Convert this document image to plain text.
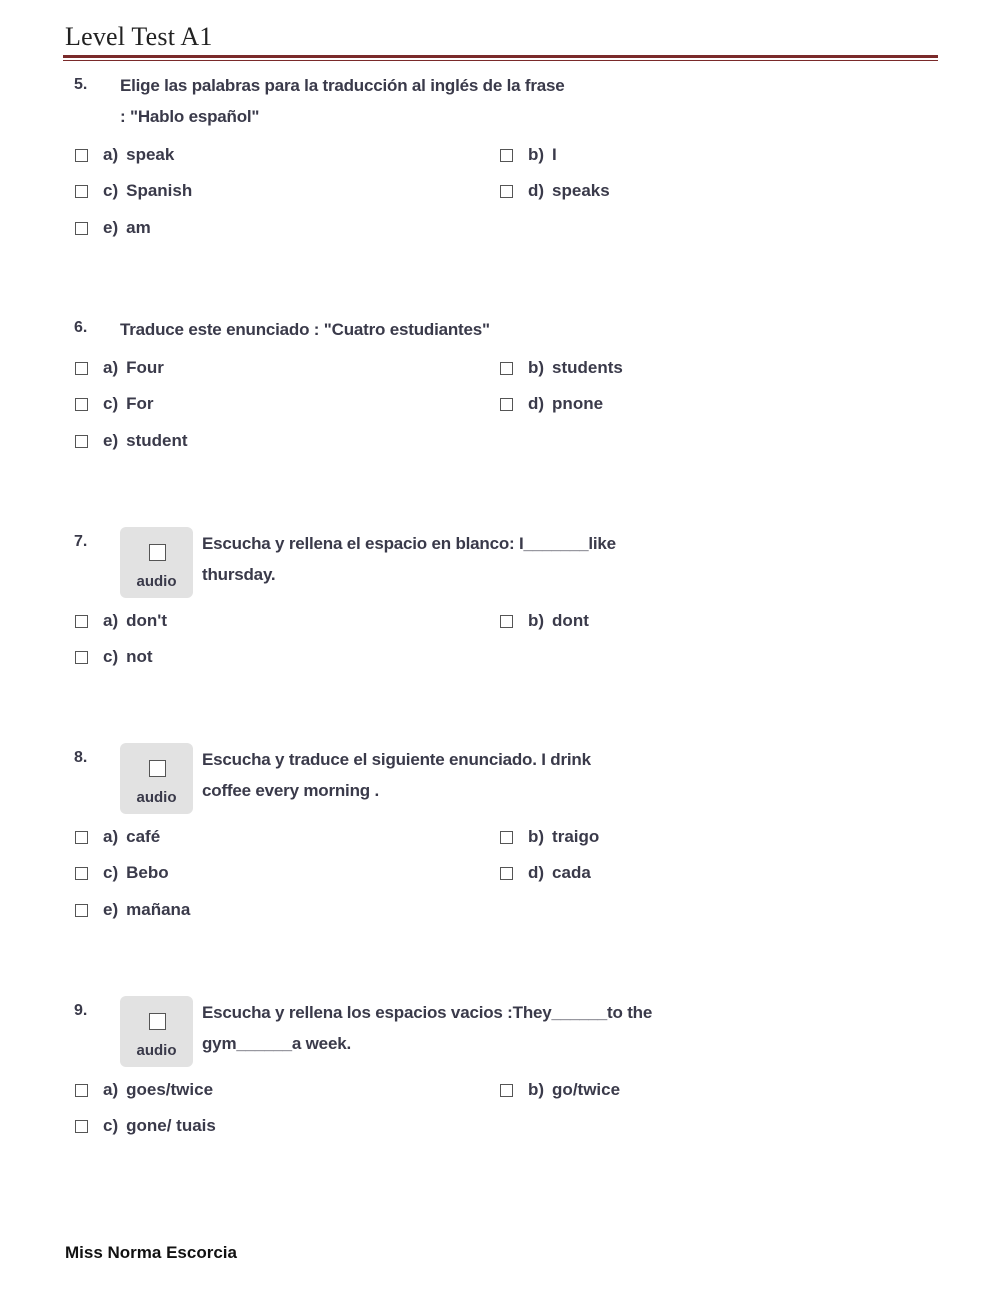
Level Test A1
5. Elige las palabras para la traducción al inglés de la frase
: "Hablo español"
a) speak	b) I
c) Spanish	d) speaks
e) am
6. Traduce este enunciado : "Cuatro estudiantes"
a) Four	b) students
c) For	d) pnone
e) student
7.
audio
Escucha y rellena el espacio en blanco: I_______like
thursday.
a) don't	b) dont
c) not
8.
audio
Escucha y traduce el siguiente enunciado. I drink
coffee every morning .
a) café	b) traigo
c) Bebo	d) cada
e) mañana
9.
audio
Escucha y rellena los espacios vacios :They______to the
gym______a week.
a) goes/twice	b) go/twice
c) gone/ tuais
Miss Norma Escorcia
